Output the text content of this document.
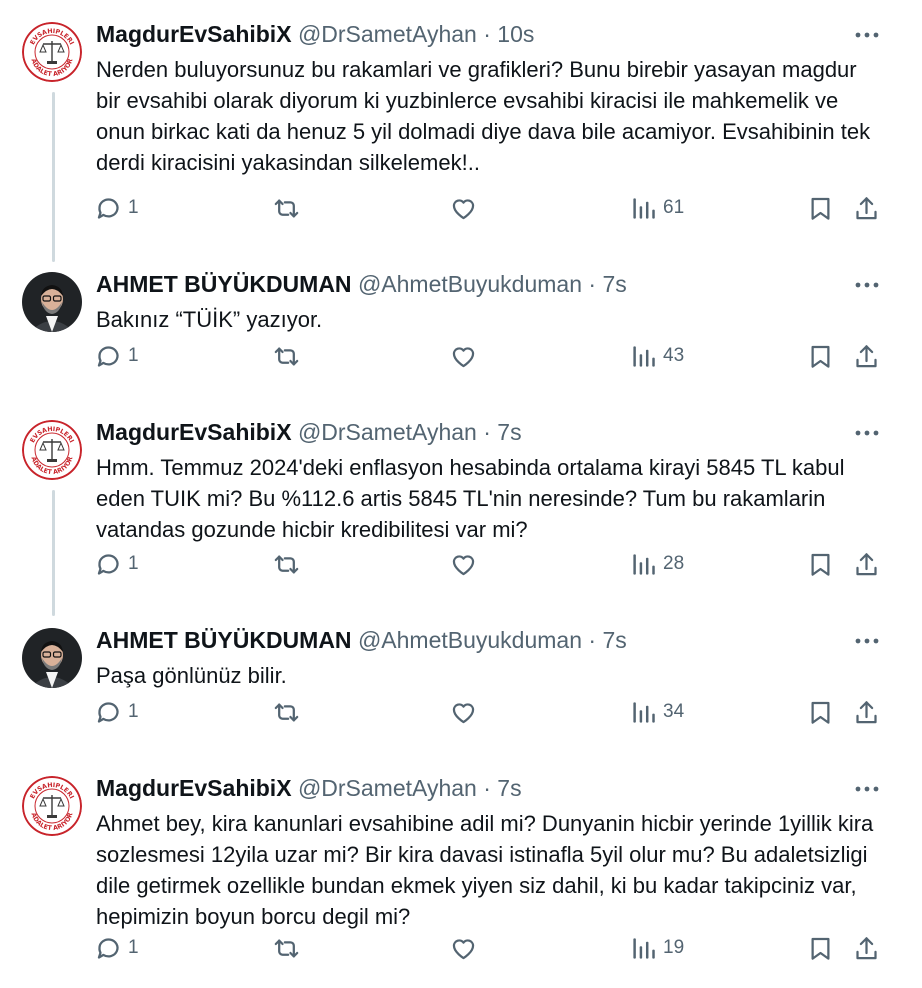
EVSAHIPLERI
ADALET ARIYOR
MagdurEvSahibiX @DrSametAyhan · 10s
Nerden buluyorsunuz bu rakamlari ve grafikleri? Bunu birebir yasayan magdur bir evsahibi olarak diyorum ki yuzbinlerce evsahibi kiracisi ile mahkemelik ve onun birkac kati da henuz 5 yil dolmadi diye dava bile acamiyor. Evsahibinin tek derdi kiracisini yakasindan silkelemek!..
1	61
AHMET BÜYÜKDUMAN @AhmetBuyukduman · 7s
Bakınız “TÜİK” yazıyor.
1	43
EVSAHIPLERI
ADALET ARIYOR
MagdurEvSahibiX @DrSametAyhan · 7s
Hmm. Temmuz 2024'deki enflasyon hesabinda ortalama kirayi 5845 TL kabul eden TUIK mi? Bu %112.6 artis 5845 TL'nin neresinde? Tum bu rakamlarin vatandas gozunde hicbir kredibilitesi var mi?
1	28
AHMET BÜYÜKDUMAN @AhmetBuyukduman · 7s
Paşa gönlünüz bilir.
1	34
EVSAHIPLERI
ADALET ARIYOR
MagdurEvSahibiX @DrSametAyhan · 7s
Ahmet bey, kira kanunlari evsahibine adil mi? Dunyanin hicbir yerinde 1yillik kira sozlesmesi 12yila uzar mi? Bir kira davasi istinafla 5yil olur mu? Bu adaletsizligi dile getirmek ozellikle bundan ekmek yiyen siz dahil, ki bu kadar takipciniz var, hepimizin boyun borcu degil mi?
1	19
